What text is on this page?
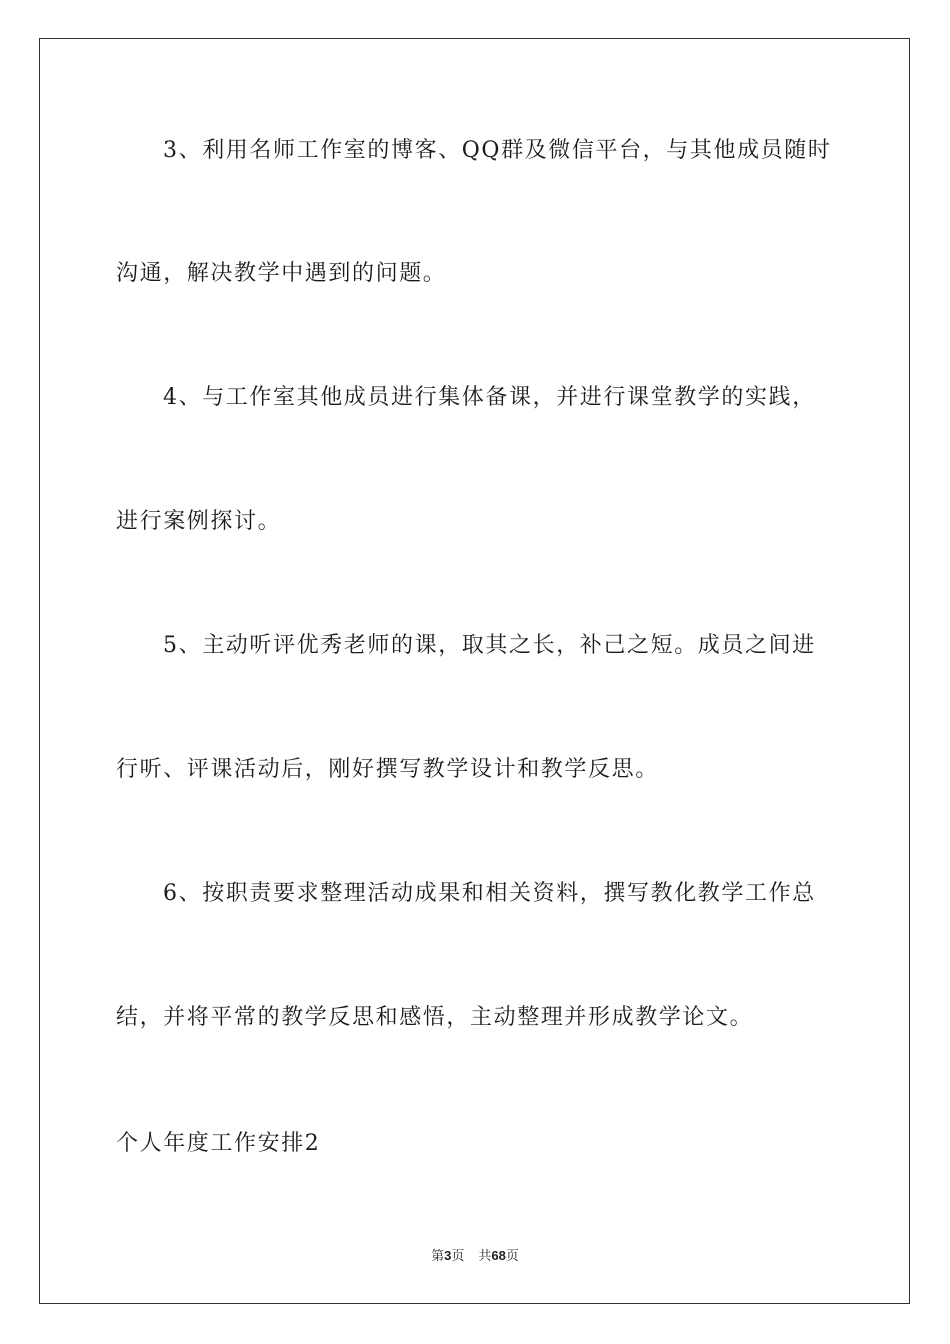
3、利用名师工作室的博客、QQ群及微信平台，与其他成员随时
沟通，解决教学中遇到的问题。
4、与工作室其他成员进行集体备课，并进行课堂教学的实践，
进行案例探讨。
5、主动听评优秀老师的课，取其之长，补己之短。成员之间进
行听、评课活动后，刚好撰写教学设计和教学反思。
6、按职责要求整理活动成果和相关资料，撰写教化教学工作总
结，并将平常的教学反思和感悟，主动整理并形成教学论文。
个人年度工作安排2
第3页 共68页
